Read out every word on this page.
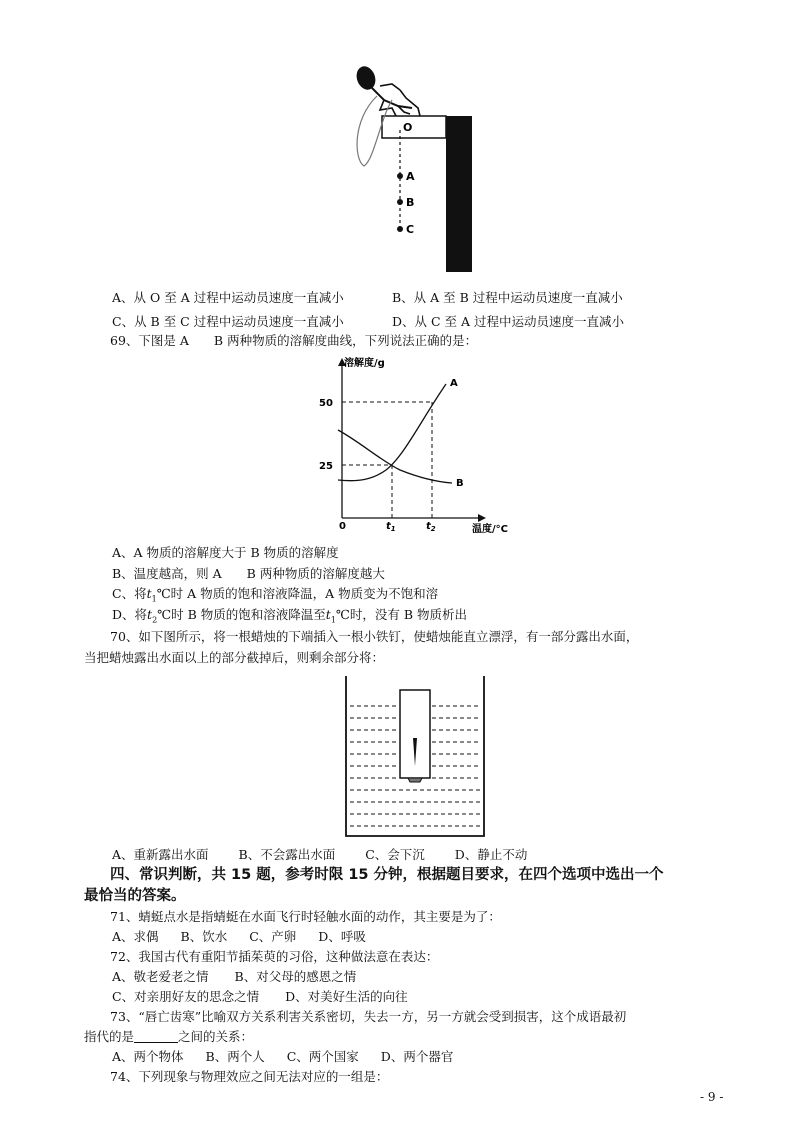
O
A
B
C
A、从 O 至 A 过程中运动员速度一直减小	B、从 A 至 B 过程中运动员速度一直减小
C、从 B 至 C 过程中运动员速度一直减小	D、从 C 至 A 过程中运动员速度一直减小
69、下图是 A　　B 两种物质的溶解度曲线，下列说法正确的是：
溶解度/g
温度/°C
50
25
0	$t_1$	$t_2$
A
B
A、A 物质的溶解度大于 B 物质的溶解度
B、温度越高，则 A　　B 两种物质的溶解度越大
C、将$t_1℃$时 A 物质的饱和溶液降温，A 物质变为不饱和溶
D、将$t_2℃$时 B 物质的饱和溶液降温至$t_1℃$时，没有 B 物质析出
70、如下图所示，将一根蜡烛的下端插入一根小铁钉，使蜡烛能直立漂浮，有一部分露出水面，
当把蜡烛露出水面以上的部分截掉后，则剩余部分将：
A、重新露出水面 B、不会露出水面 C、会下沉 D、静止不动
四、常识判断，共 15 题，参考时限 15 分钟，根据题目要求，在四个选项中选出一个
最恰当的答案。
71、蜻蜓点水是指蜻蜓在水面飞行时轻触水面的动作，其主要是为了：
A、求偶 B、饮水 C、产卵 D、呼吸
72、我国古代有重阳节插茱萸的习俗，这种做法意在表达：
A、敬老爱老之情 B、对父母的感恩之情
C、对亲朋好友的思念之情 D、对美好生活的向往
73、“唇亡齿寒”比喻双方关系利害关系密切，失去一方，另一方就会受到损害，这个成语最初
指代的是	之间的关系：
A、两个物体 B、两个人 C、两个国家 D、两个器官
74、下列现象与物理效应之间无法对应的一组是：
- 9 -
